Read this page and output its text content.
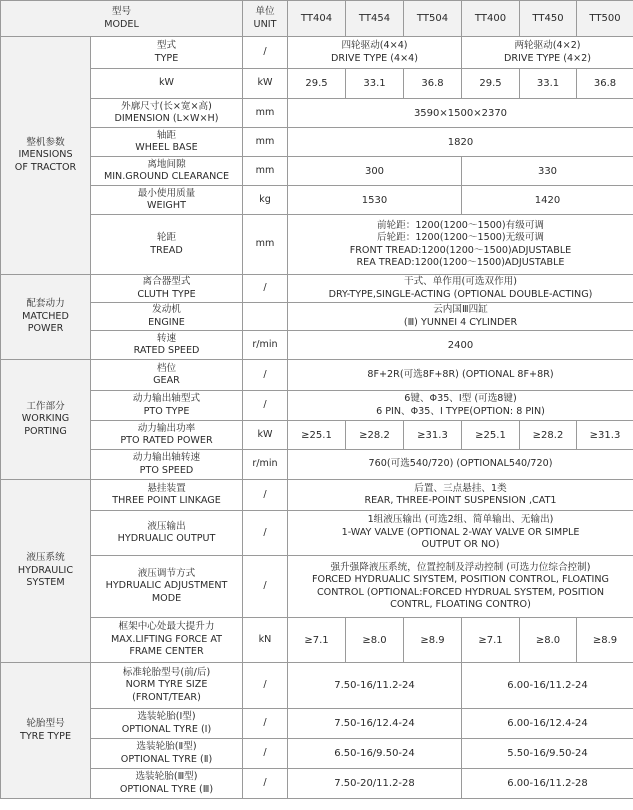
型号
MODEL		单位
UNIT	TT404	TT454	TT504	TT400	TT450	TT500

整机参数
IMENSIONS
OF TRACTOR	型式
TYPE	/	四轮驱动(4×4)
DRIVE TYPE (4×4)			两轮驱动(4×2)
DRIVE TYPE (4×2)		

	kW	kW	29.5	33.1	36.8	29.5	33.1	36.8

	外廓尺寸(长×宽×高)
DIMENSION (L×W×H)	mm	3590×1500×2370					

	轴距
WHEEL BASE	mm	1820					

	离地间隙
MIN.GROUND CLEARANCE	mm	300			330		

	最小使用质量
WEIGHT	kg	1530			1420		

	轮距
TREAD	mm	前轮距：1200(1200～1500)有级可调
后轮距：1200(1200～1500)无级可调
FRONT TREAD:1200(1200～1500)ADJUSTABLE
REA TREAD:1200(1200～1500)ADJUSTABLE					

配套动力
MATCHED
POWER	离合器型式
CLUTH TYPE	/	干式、单作用(可选双作用)
DRY-TYPE,SINGLE-ACTING (OPTIONAL DOUBLE-ACTING)					

	发动机
ENGINE		云内国Ⅲ四缸
(Ⅲ) YUNNEI 4 CYLINDER					

	转速
RATED SPEED	r/min	2400					

工作部分
WORKING
PORTING	档位
GEAR	/	8F+2R(可选8F+8R) (OPTIONAL 8F+8R)					

	动力输出轴型式
PTO TYPE	/	6键、Φ35、Ⅰ型 (可选8键)
6 PIN、Φ35、Ⅰ TYPE(OPTION: 8 PIN)					

	动力输出功率
PTO RATED POWER	kW	≥25.1	≥28.2	≥31.3	≥25.1	≥28.2	≥31.3

	动力输出轴转速
PTO SPEED	r/min	760(可选540/720) (OPTIONAL540/720)					

液压系统
HYDRAULIC
SYSTEM	悬挂装置
THREE POINT LINKAGE	/	后置、三点悬挂、1类
REAR, THREE-POINT SUSPENSION ,CAT1					

	液压输出
HYDRUALIC OUTPUT	/	1组液压输出 (可选2组、简单输出、无输出)
1-WAY VALVE (OPTIONAL 2-WAY VALVE OR SIMPLE
OUTPUT OR NO)					

	液压调节方式
HYDRUALIC ADJUSTMENT
MODE	/	强升强降液压系统，位置控制及浮动控制 (可选力位综合控制)
FORCED HYDRUALIC SIYSTEM, POSITION CONTROL, FLOATING
CONTROL (OPTIONAL:FORCED HYDRUAL SYSTEM, POSITION
CONTRL, FLOATING CONTRO)					

	框架中心处最大提升力
MAX.LIFTING FORCE AT
FRAME CENTER	kN	≥7.1	≥8.0	≥8.9	≥7.1	≥8.0	≥8.9

轮胎型号
TYRE TYPE	标准轮胎型号(前/后)
NORM TYRE SIZE
(FRONT/TEAR)	/	7.50-16/11.2-24			6.00-16/11.2-24		

	选装轮胎(Ⅰ型)
OPTIONAL TYRE (Ⅰ)	/	7.50-16/12.4-24			6.00-16/12.4-24		

	选装轮胎(Ⅱ型)
OPTIONAL TYRE (Ⅱ)	/	6.50-16/9.50-24			5.50-16/9.50-24		

	选装轮胎(Ⅲ型)
OPTIONAL TYRE (Ⅲ)	/	7.50-20/11.2-28			6.00-16/11.2-28		
